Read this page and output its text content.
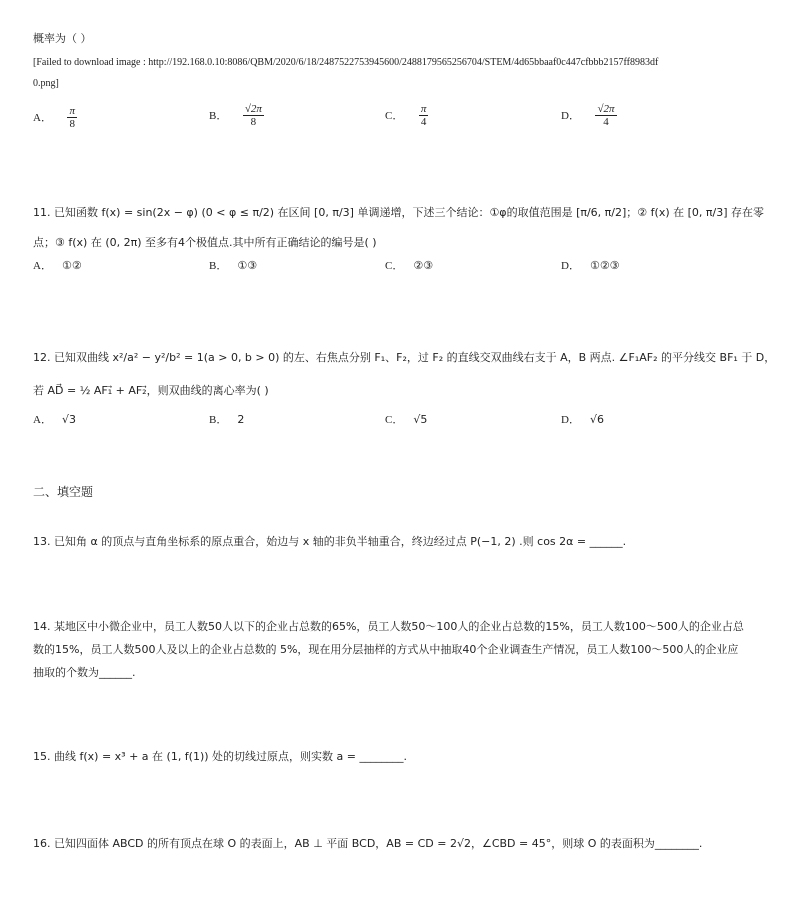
概率为（ ）
[Failed to download image : http://192.168.0.10:8086/QBM/2020/6/18/2487522753945600/2488179565256704/STEM/4d65bbaaf0c447cfbbb2157ff8983df
0.png]
A． $\frac{\pi}{8}$	B． $\frac{√2\pi}{8}$	C． $\frac{\pi}{4}$	D． $\frac{√2\pi}{4}$
11. 已知函数 f(x) = sin(2x − φ) (0 < φ ≤ π/2) 在区间 [0, π/3] 单调递增，下述三个结论：①φ的取值范围是 [π/6, π/2]；② f(x) 在 [0, π/3] 存在零
点；③ f(x) 在 (0, 2π) 至多有4个极值点.其中所有正确结论的编号是( )
A． ①②	B． ①③	C． ②③	D． ①②③
12. 已知双曲线 x²/a² − y²/b² = 1(a > 0, b > 0) 的左、右焦点分别 F₁、F₂，过 F₂ 的直线交双曲线右支于 A，B 两点. ∠F₁AF₂ 的平分线交 BF₁ 于 D，
若 AD⃗ = ½ AF₁⃗ + AF₂⃗，则双曲线的离心率为( )
A． √3	B． 2	C． √5	D． √6
二、填空题
13. 已知角 α 的顶点与直角坐标系的原点重合，始边与 x 轴的非负半轴重合，终边经过点 P(−1, 2) .则 cos 2α = ______.
14. 某地区中小微企业中，员工人数50人以下的企业占总数的65%，员工人数50～100人的企业占总数的15%，员工人数100～500人的企业占总
数的15%，员工人数500人及以上的企业占总数的 5%，现在用分层抽样的方式从中抽取40个企业调查生产情况，员工人数100～500人的企业应
抽取的个数为______.
15. 曲线 f(x) = x³ + a 在 (1, f(1)) 处的切线过原点，则实数 a = ________.
16. 已知四面体 ABCD 的所有顶点在球 O 的表面上，AB ⊥ 平面 BCD，AB = CD = 2√2，∠CBD = 45°，则球 O 的表面积为________.
